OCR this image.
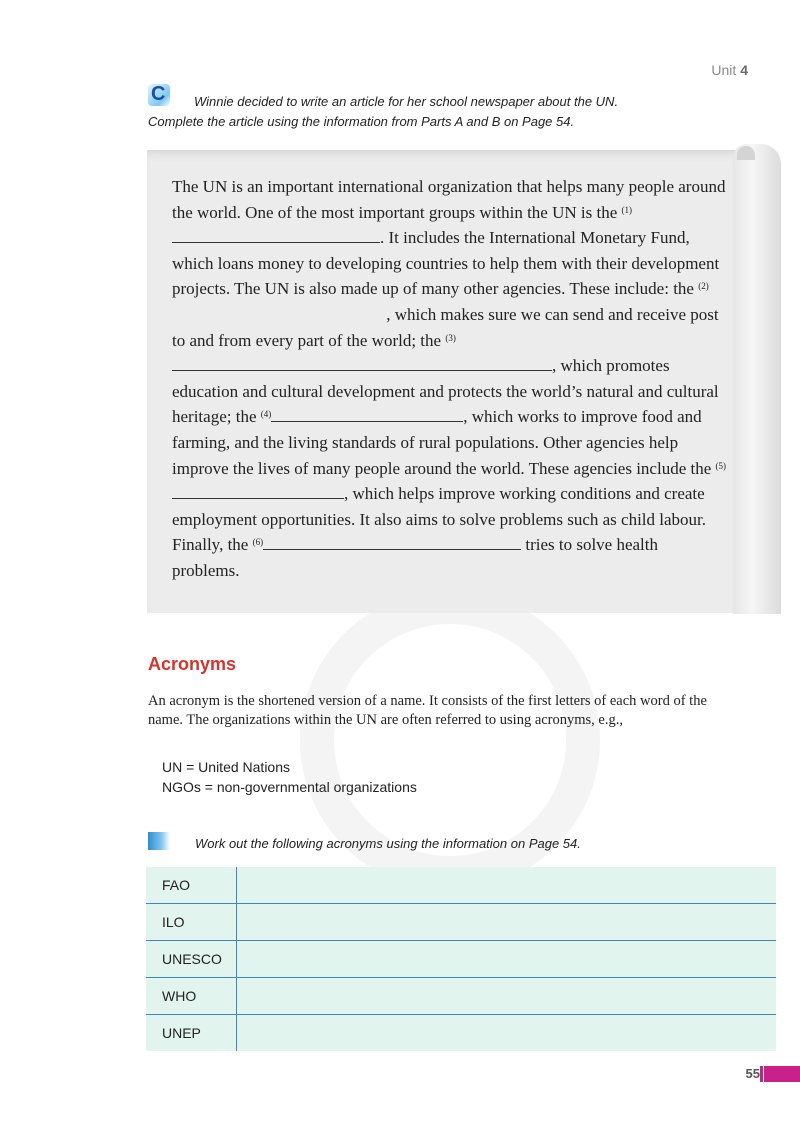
Unit 4
C	Winnie decided to write an article for her school newspaper about the UN.
Complete the article using the information from Parts A and B on Page 54.
The UN is an important international organization that helps many people around the world. One of the most important groups within the UN is the $^{(1)}$. It includes the International Monetary Fund, which loans money to developing countries to help them with their development projects. The UN is also made up of many other agencies. These include: the $^{(2)}$ , which makes sure we can send and receive post to and from every part of the world; the $^{(3)}$, which promotes education and cultural development and protects the world’s natural and cultural heritage; the $^{(4)}$	, which works to improve food and farming, and the living standards of rural populations. Other agencies help improve the lives of many people around the world. These agencies include the $^{(5)}$, which helps improve working conditions and create employment opportunities. It also aims to solve problems such as child labour. Finally, the $^{(6)}$	tries to solve health problems.
Acronyms
An acronym is the shortened version of a name. It consists of the first letters of each word of the name. The organizations within the UN are often referred to using acronyms, e.g.,
UN = United Nations
NGOs = non-governmental organizations
Work out the following acronyms using the information on Page 54.
FAO	
ILO	
UNESCO	
WHO	
UNEP	
55
